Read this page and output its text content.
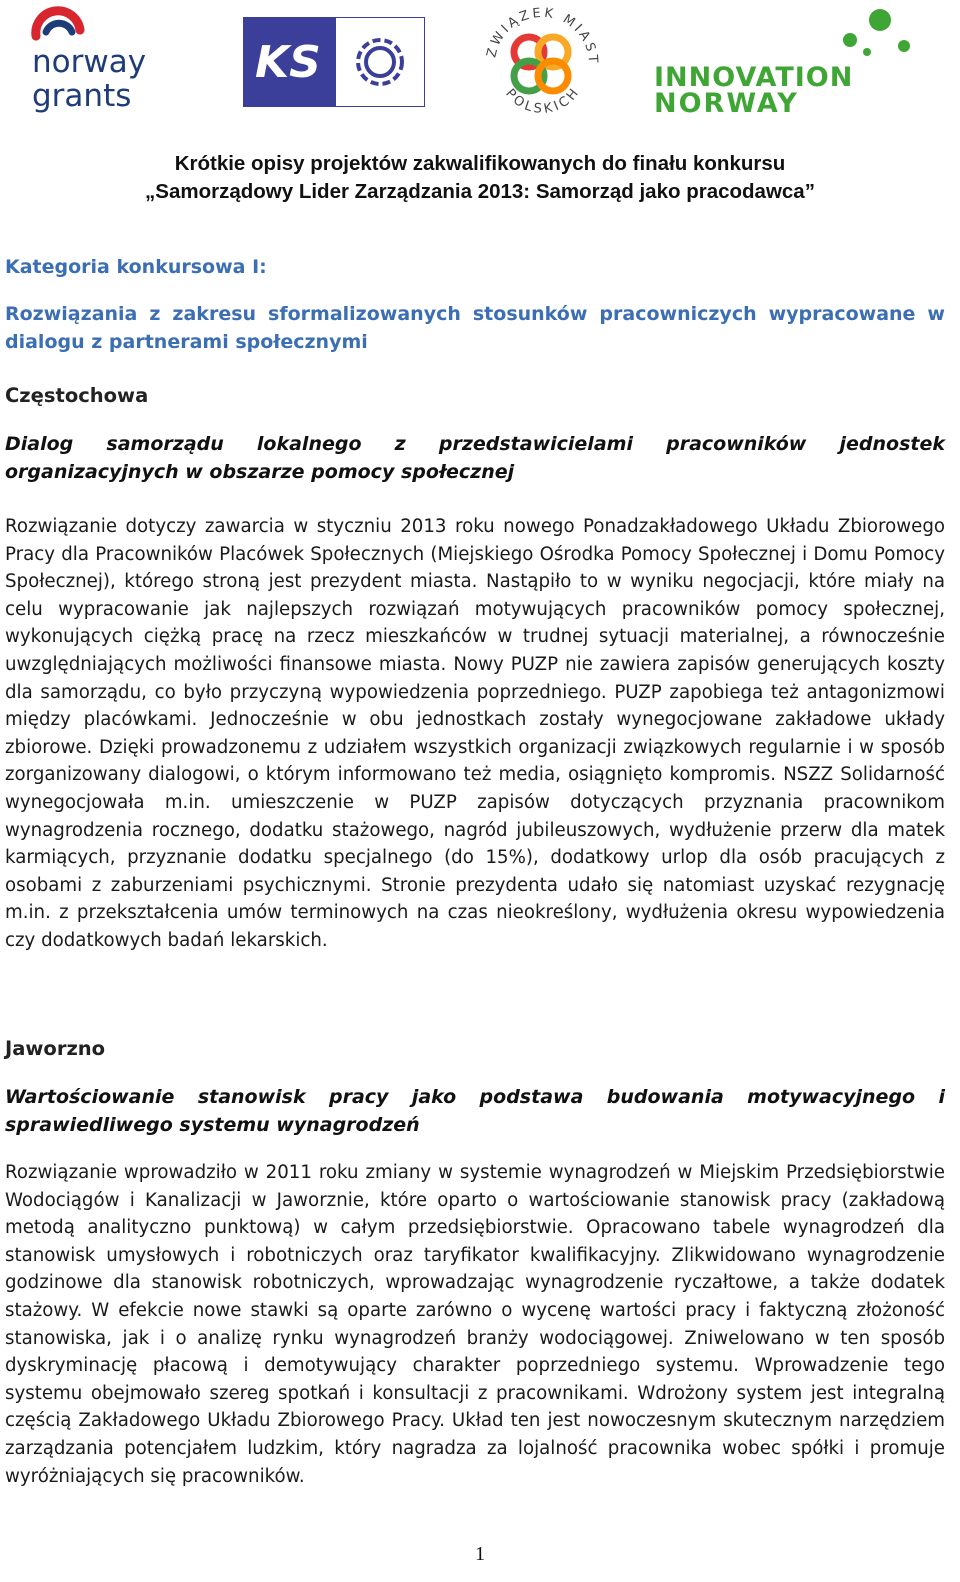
norway
grants
KS	ZWIĄZEK MIAST
POLSKICH
INNOVATION
NORWAY
Krótkie opisy projektów zakwalifikowanych do finału konkursu
„Samorządowy Lider Zarządzania 2013: Samorząd jako pracodawca”
Kategoria konkursowa I:
Rozwiązania z zakresu sformalizowanych stosunków pracowniczych wypracowane w dialogu z partnerami społecznymi
Częstochowa
Dialog samorządu lokalnego z przedstawicielami pracowników jednostek organizacyjnych w obszarze pomocy społecznej
Rozwiązanie dotyczy zawarcia w styczniu 2013 roku nowego Ponadzakładowego Układu Zbiorowego Pracy dla Pracowników Placówek Społecznych (Miejskiego Ośrodka Pomocy Społecznej i Domu Pomocy Społecznej), którego stroną jest prezydent miasta. Nastąpiło to w wyniku negocjacji, które miały na celu wypracowanie jak najlepszych rozwiązań motywujących pracowników pomocy społecznej, wykonujących ciężką pracę na rzecz mieszkańców w trudnej sytuacji materialnej, a równocześnie uwzględniających możliwości finansowe miasta. Nowy PUZP nie zawiera zapisów generujących koszty dla samorządu, co było przyczyną wypowiedzenia poprzedniego. PUZP zapobiega też antagonizmowi między placówkami. Jednocześnie w obu jednostkach zostały wynegocjowane zakładowe układy zbiorowe. Dzięki prowadzonemu z udziałem wszystkich organizacji związkowych regularnie i w sposób zorganizowany dialogowi, o którym informowano też media, osiągnięto kompromis. NSZZ Solidarność wynegocjowała m.in. umieszczenie w PUZP zapisów dotyczących przyznania pracownikom wynagrodzenia rocznego, dodatku stażowego, nagród jubileuszowych, wydłużenie przerw dla matek karmiących, przyznanie dodatku specjalnego (do 15%), dodatkowy urlop dla osób pracujących z osobami z zaburzeniami psychicznymi. Stronie prezydenta udało się natomiast uzyskać rezygnację m.in. z przekształcenia umów terminowych na czas nieokreślony, wydłużenia okresu wypowiedzenia czy dodatkowych badań lekarskich.
Jaworzno
Wartościowanie stanowisk pracy jako podstawa budowania motywacyjnego i sprawiedliwego systemu wynagrodzeń
Rozwiązanie wprowadziło w 2011 roku zmiany w systemie wynagrodzeń w Miejskim Przedsiębiorstwie Wodociągów i Kanalizacji w Jaworznie, które oparto o wartościowanie stanowisk pracy (zakładową metodą analityczno punktową) w całym przedsiębiorstwie. Opracowano tabele wynagrodzeń dla stanowisk umysłowych i robotniczych oraz taryfikator kwalifikacyjny. Zlikwidowano wynagrodzenie godzinowe dla stanowisk robotniczych, wprowadzając wynagrodzenie ryczałtowe, a także dodatek stażowy. W efekcie nowe stawki są oparte zarówno o wycenę wartości pracy i faktyczną złożoność stanowiska, jak i o analizę rynku wynagrodzeń branży wodociągowej. Zniwelowano w ten sposób dyskryminację płacową i demotywujący charakter poprzedniego systemu. Wprowadzenie tego systemu obejmowało szereg spotkań i konsultacji z pracownikami. Wdrożony system jest integralną częścią Zakładowego Układu Zbiorowego Pracy. Układ ten jest nowoczesnym skutecznym narzędziem zarządzania potencjałem ludzkim, który nagradza za lojalność pracownika wobec spółki i promuje wyróżniających się pracowników.
1
